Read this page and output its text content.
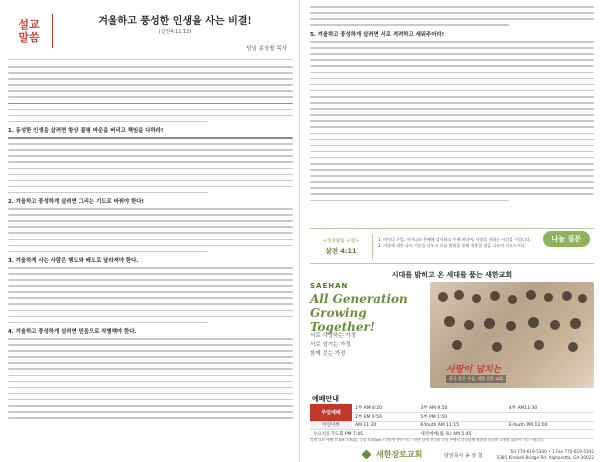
설교
말씀
겨울하고 풍성한 인생을 사는 비결!
(살전4:11,12)
담임 송상철 목사
1. 동성한 인생을 살려면 항상 불평 바운을 버리고 책임을 다하라!
2. 겨울하고 풍성하게 살려면 그리는 기도로 바꿔야 한다!
3. 겨울하게 사는 사람은 행도와 배도로 달라져야 한다.
4. 겨울하고 풍성하게 살려면 믿음으로 작별해야 한다.
5. 겨울하고 풍성하게 살려면 서로 격려하고 세워주어라!
<성경말씀 구절>
살전 4:11
1. 어머니 주일, 어머니의 은혜에 감사하고 주께 바다여, 사랑을 전하는 시간을 가집니다.
2. 거룩에 대한 나의 기준을 나누고 오늘 말씀을 통해 적용할 점을 나누어 기도드시다.
나눔 질문
시대를 밝히고 온 세대를 품는 새한교회
SAEHAN
All Generation Growing Together!
서로 사랑하는 가정
서로 섬기는 가정
함께 걷는 가정
사랑이 넘치는
한국 같은 가정, 새한 같은 교회
예배안내
주일예배	1부 AM 8:20	3부 AM 9:50	4부 AM11:30
	2부 EM 9:50	5부 PM 1:50	
어린이부	AM 11:30	K-Youth AM 11:15	E-Youth PM 12:00
수요치유기도회 PM 7:45		새벽예배(월-토) AM 5:45	
특별 교육 예배 후 AM 7:30분, 주일 5:30pm / 다락방 중보기도 / 한반 관계 중심의 주님 안에서 하나님께 영광을 돌리며 교제를 위하여 기도드립니다.
새한장로교회	담임목사 송 상 철
Tel 770-619-5340 • 1 Fax 770-619-5342
3385 Kimball Bridge Rd. Alpharetta, GA 30022
